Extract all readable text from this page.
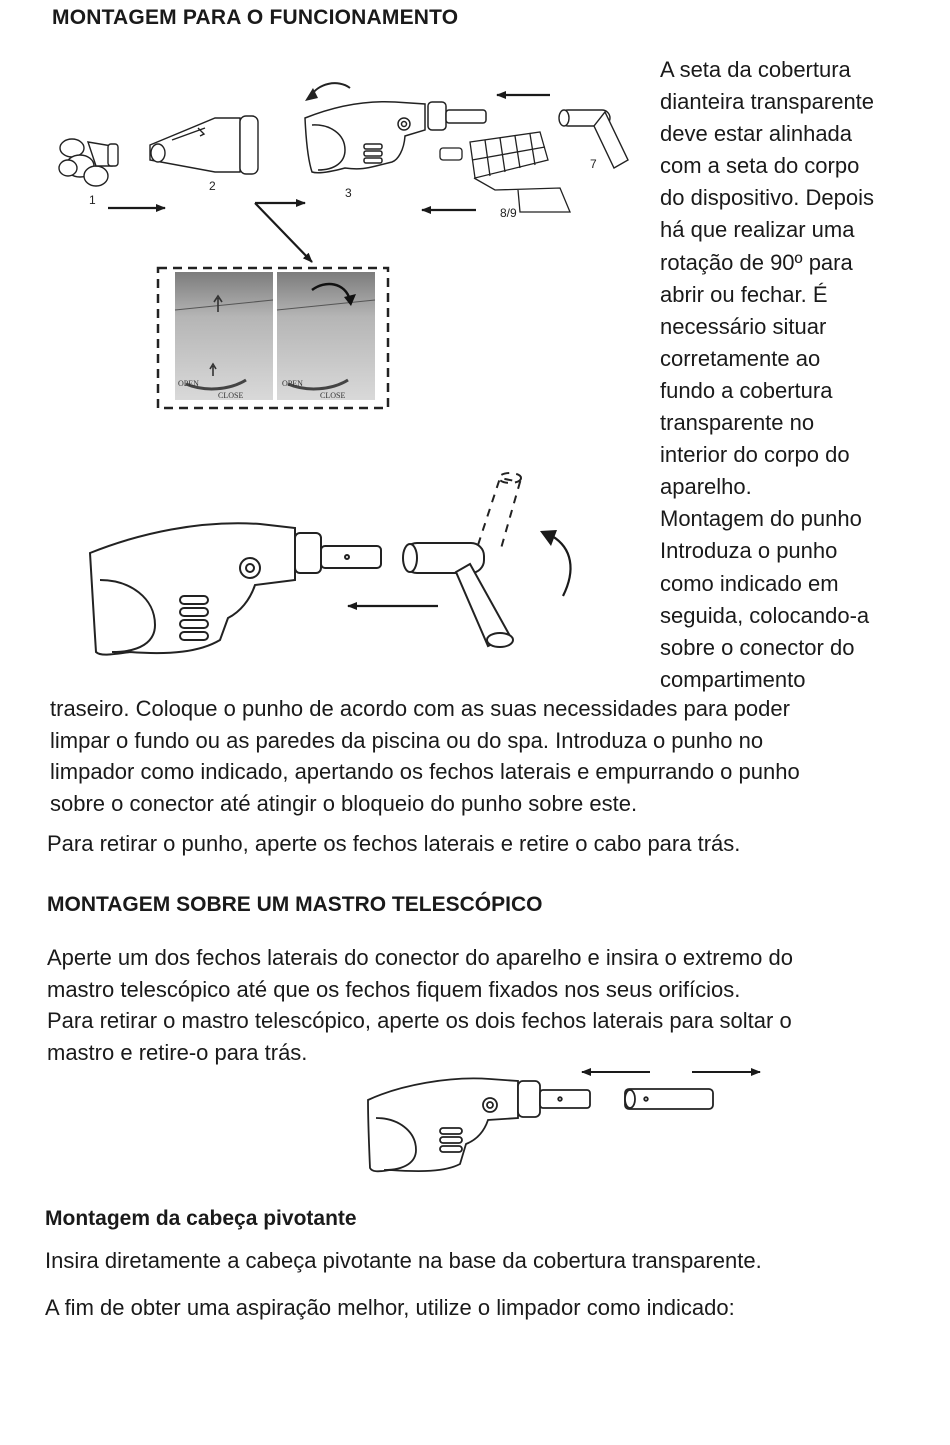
MONTAGEM PARA O FUNCIONAMENTO
A seta da cobertura
dianteira transparente
deve estar alinhada
com a seta do corpo
do dispositivo. Depois
há que realizar uma
rotação de 90º para
abrir ou fechar. É
necessário situar
corretamente ao
fundo a cobertura
transparente no
interior do corpo do
aparelho.
Montagem do punho
Introduza o punho
como indicado em
seguida, colocando-a
sobre o conector do
compartimento
traseiro. Coloque o punho de acordo com as suas necessidades para poder
limpar o fundo ou as paredes da piscina ou do spa. Introduza o punho no
limpador como indicado, apertando os fechos laterais e empurrando o punho
sobre o conector até atingir o bloqueio do punho sobre este.
Para retirar o punho, aperte os fechos laterais e retire o cabo para trás.
MONTAGEM SOBRE UM MASTRO TELESCÓPICO
Aperte um dos fechos laterais do conector do aparelho e insira o extremo do
mastro telescópico até que os fechos fiquem fixados nos seus orifícios.
Para retirar o mastro telescópico, aperte os dois fechos laterais para soltar o
mastro e retire-o para trás.
Montagem da cabeça pivotante
Insira diretamente a cabeça pivotante na base da cobertura transparente.
A fim de obter uma aspiração melhor, utilize o limpador como indicado:
1
2	3
7
8/9
OPEN
CLOSE
OPEN
CLOSE
